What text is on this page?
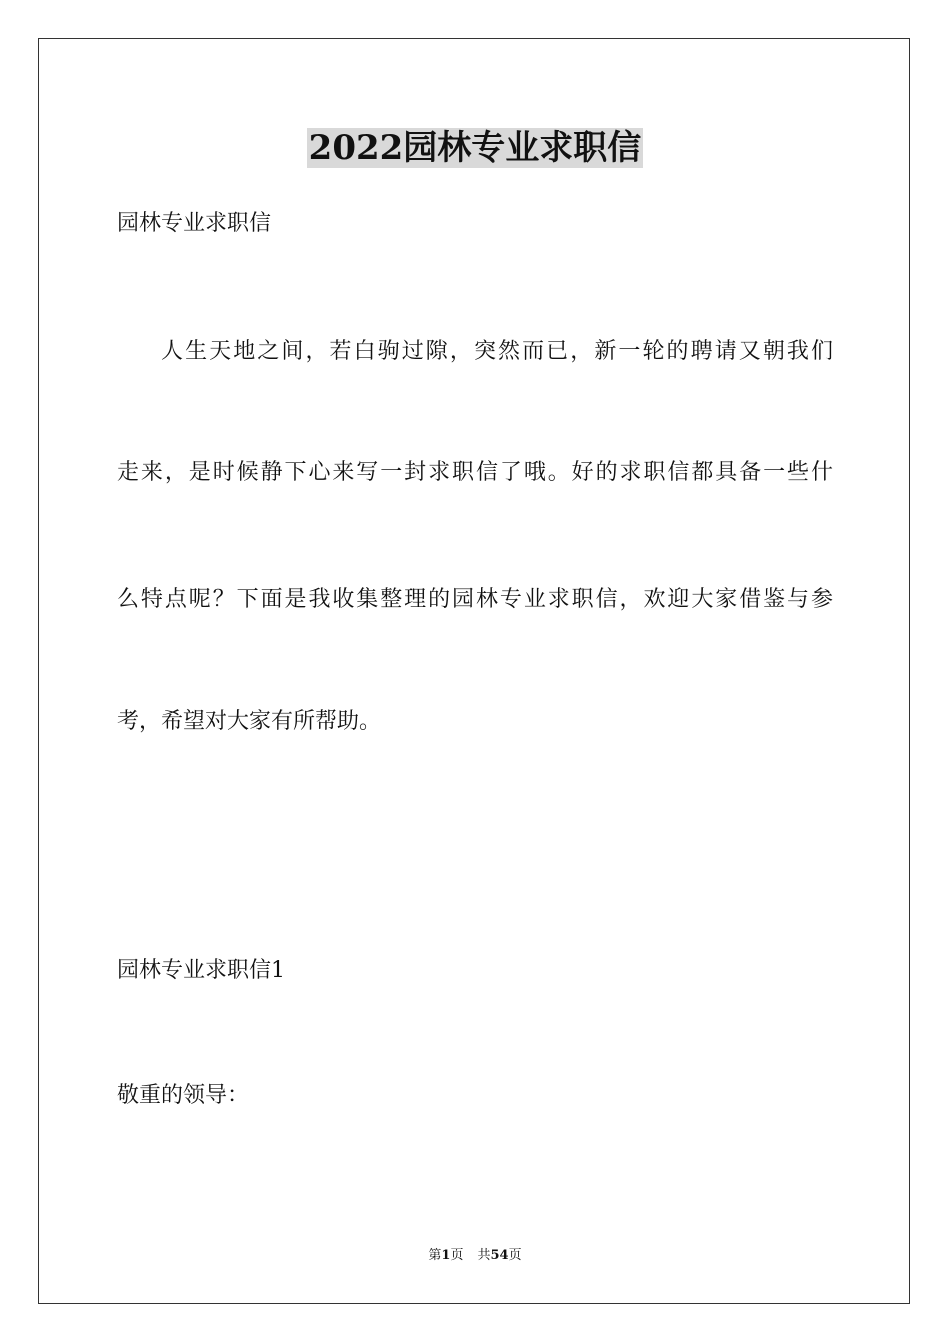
2022园林专业求职信
园林专业求职信
人生天地之间，若白驹过隙，突然而已，新一轮的聘请又朝我们
走来，是时候静下心来写一封求职信了哦。好的求职信都具备一些什
么特点呢？下面是我收集整理的园林专业求职信，欢迎大家借鉴与参
考，希望对大家有所帮助。
园林专业求职信1
敬重的领导：
第1页 共54页
